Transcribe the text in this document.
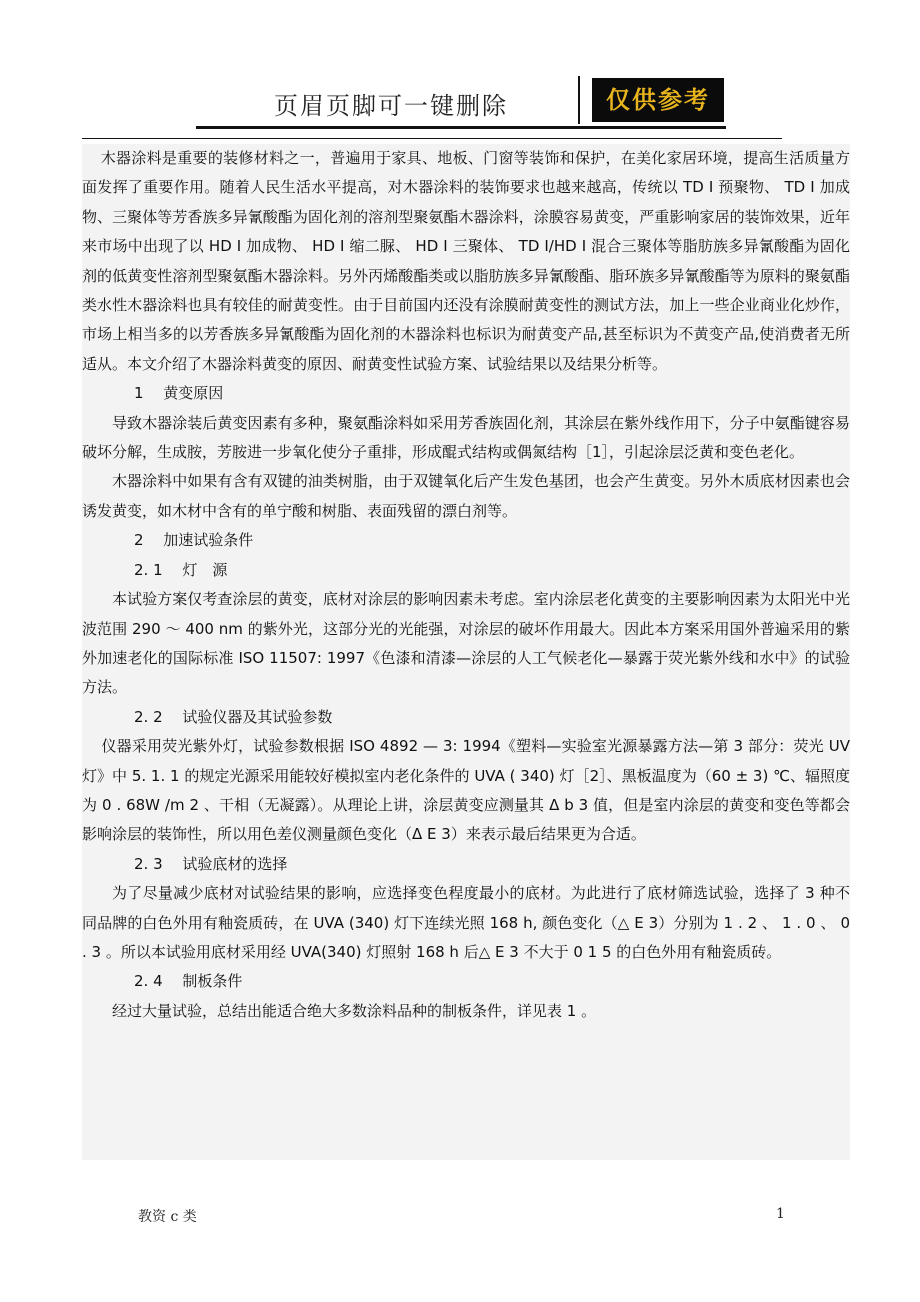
页眉页脚可一键删除	仅供参考

木器涂料是重要的装修材料之一，普遍用于家具、地板、门窗等装饰和保护，在美化家居环境，提高生活质量方面发挥了重要作用。随着人民生活水平提高，对木器涂料的装饰要求也越来越高，传统以 TD I 预聚物、 TD I 加成物、三聚体等芳香族多异氰酸酯为固化剂的溶剂型聚氨酯木器涂料，涂膜容易黄变，严重影响家居的装饰效果，近年来市场中出现了以 HD I 加成物、 HD I 缩二脲、 HD I 三聚体、 TD I/HD I 混合三聚体等脂肪族多异氰酸酯为固化剂的低黄变性溶剂型聚氨酯木器涂料。另外丙烯酸酯类或以脂肪族多异氰酸酯、脂环族多异氰酸酯等为原料的聚氨酯类水性木器涂料也具有较佳的耐黄变性。由于目前国内还没有涂膜耐黄变性的测试方法，加上一些企业商业化炒作，市场上相当多的以芳香族多异氰酸酯为固化剂的木器涂料也标识为耐黄变产品,甚至标识为不黄变产品,使消费者无所适从。本文介绍了木器涂料黄变的原因、耐黄变性试验方案、试验结果以及结果分析等。

1　 黄变原因

导致木器涂装后黄变因素有多种，聚氨酯涂料如采用芳香族固化剂，其涂层在紫外线作用下，分子中氨酯键容易破坏分解，生成胺，芳胺进一步氧化使分子重排，形成醌式结构或偶氮结构［1］，引起涂层泛黄和变色老化。

木器涂料中如果有含有双键的油类树脂，由于双键氧化后产生发色基团，也会产生黄变。另外木质底材因素也会诱发黄变，如木材中含有的单宁酸和树脂、表面残留的漂白剂等。

2　 加速试验条件

2. 1　 灯　源

本试验方案仅考查涂层的黄变，底材对涂层的影响因素未考虑。室内涂层老化黄变的主要影响因素为太阳光中光波范围 290 ～ 400 nm 的紫外光，这部分光的光能强，对涂层的破坏作用最大。因此本方案采用国外普遍采用的紫外加速老化的国际标准 ISO 11507: 1997《色漆和清漆—涂层的人工气候老化—暴露于荧光紫外线和水中》的试验方法。

2. 2　 试验仪器及其试验参数

仪器采用荧光紫外灯，试验参数根据 ISO 4892 — 3: 1994《塑料—实验室光源暴露方法—第 3 部分：荧光 UV 灯》中 5. 1. 1 的规定光源采用能较好模拟室内老化条件的 UVA ( 340) 灯［2］、黑板温度为（60 ± 3) ℃、辐照度为 0 . 68W /m 2 、干相（无凝露）。从理论上讲，涂层黄变应测量其 Δ b 3 值，但是室内涂层的黄变和变色等都会影响涂层的装饰性，所以用色差仪测量颜色变化（Δ E 3）来表示最后结果更为合适。

2. 3　 试验底材的选择

为了尽量减少底材对试验结果的影响，应选择变色程度最小的底材。为此进行了底材筛选试验，选择了 3 种不同品牌的白色外用有釉瓷质砖，在 UVA (340) 灯下连续光照 168 h, 颜色变化（△ E 3）分别为 1 . 2 、 1 . 0 、 0 . 3 。所以本试验用底材采用经 UVA(340) 灯照射 168 h 后△ E 3 不大于 0 1 5 的白色外用有釉瓷质砖。

2. 4　 制板条件

经过大量试验，总结出能适合绝大多数涂料品种的制板条件，详见表 1 。

教资 c 类	1
